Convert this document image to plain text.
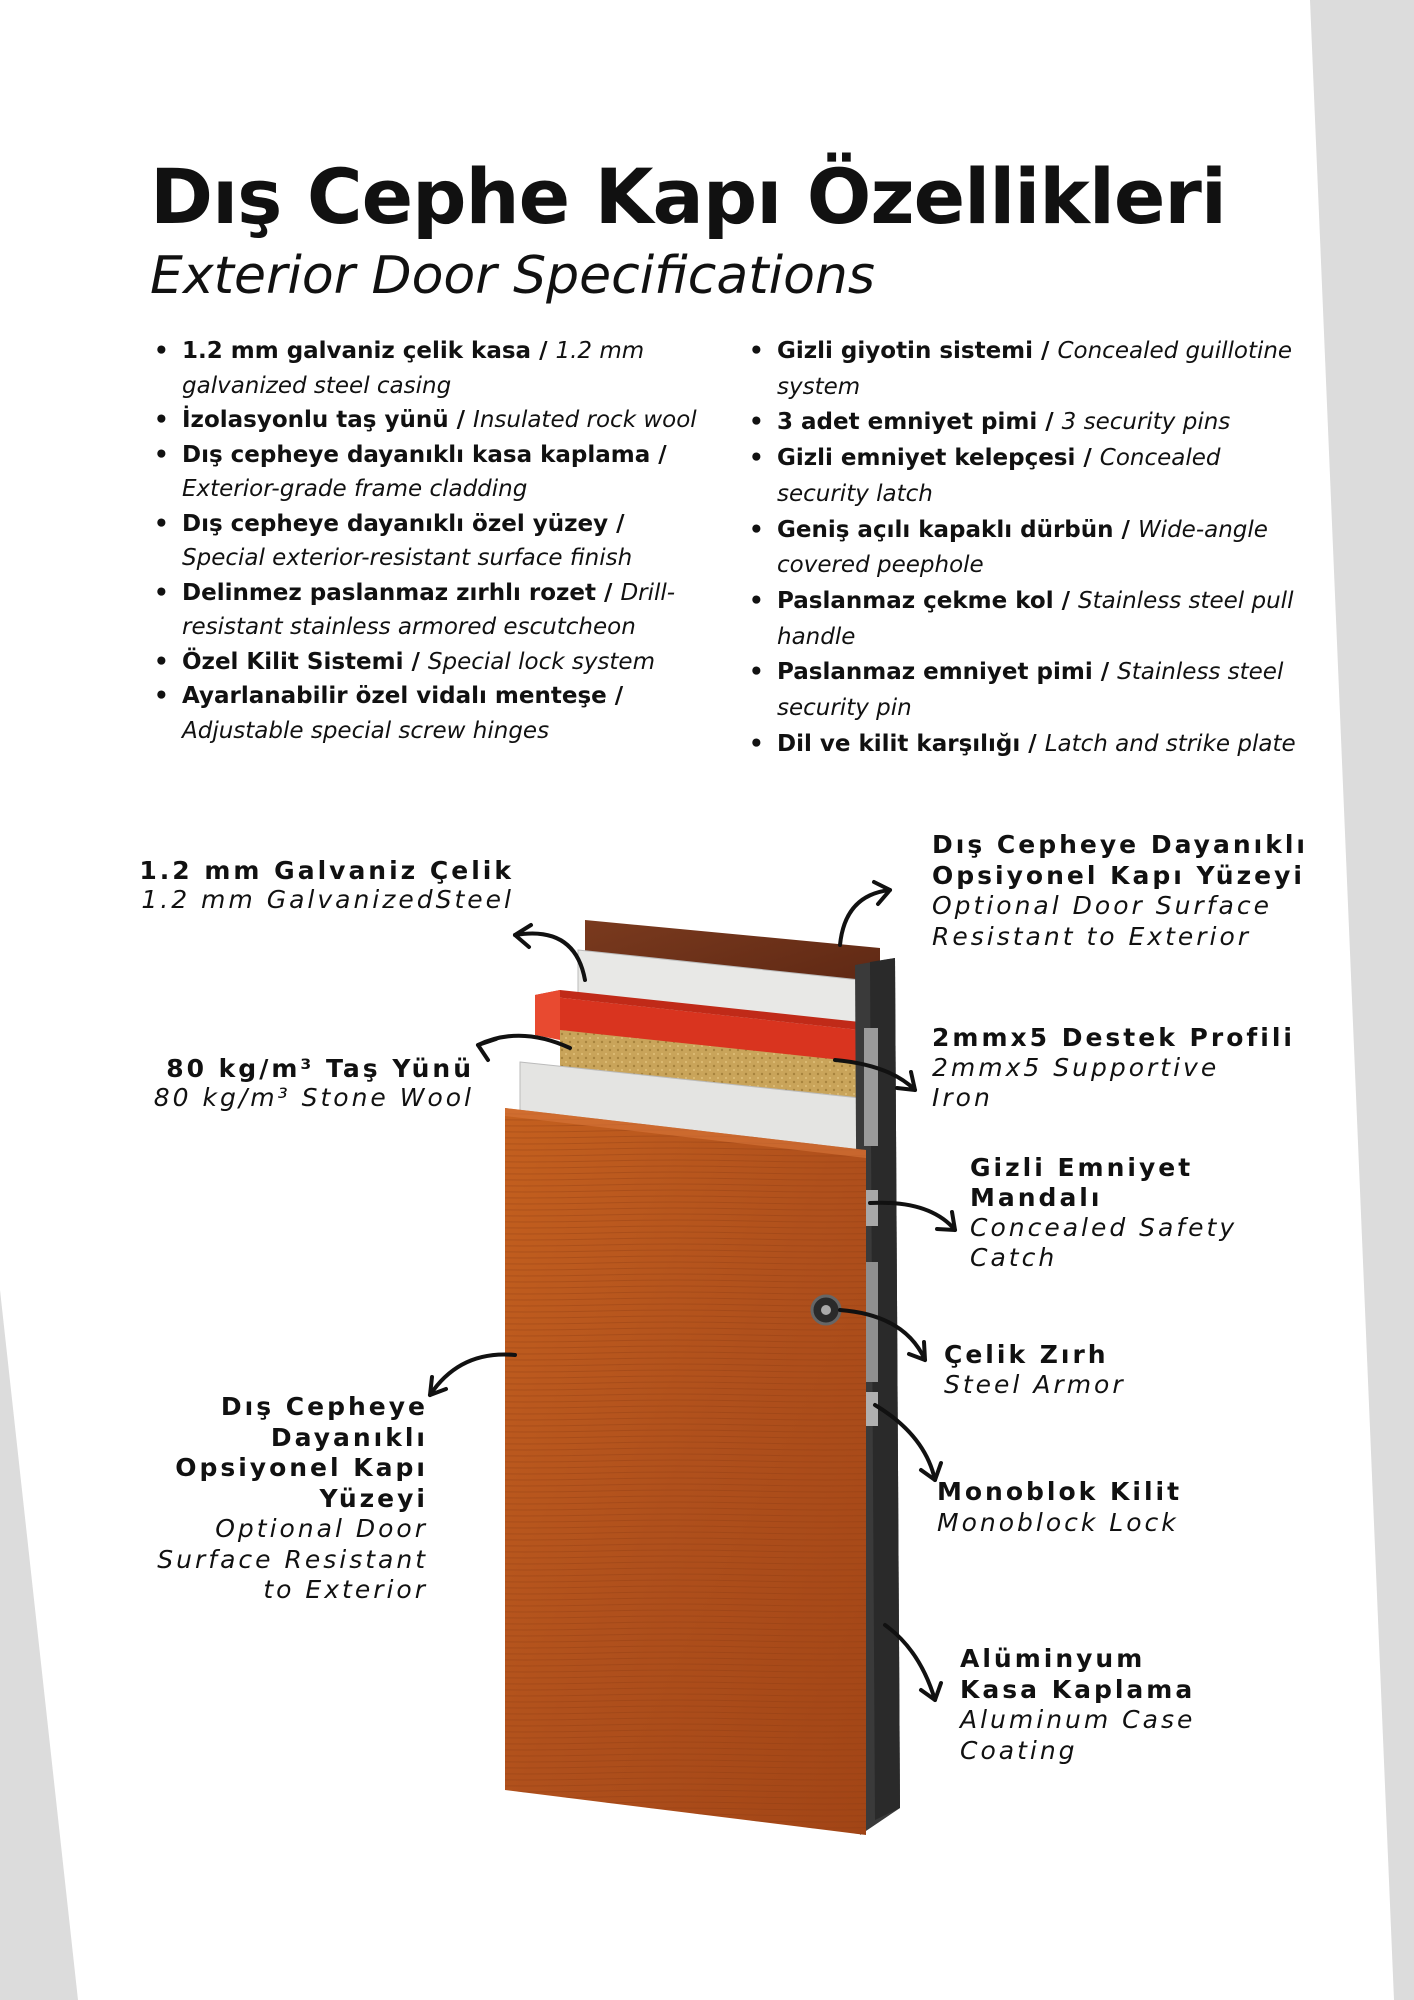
Dış Cephe Kapı Özellikleri
Exterior Door Specifications
• 1.2 mm galvaniz çelik kasa / 1.2 mm galvanized steel casing
• İzolasyonlu taş yünü / Insulated rock wool
• Dış cepheye dayanıklı kasa kaplama / Exterior-grade frame cladding
• Dış cepheye dayanıklı özel yüzey / Special exterior-resistant surface finish
• Delinmez paslanmaz zırhlı rozet / Drill-resistant stainless armored escutcheon
• Özel Kilit Sistemi / Special lock system
• Ayarlanabilir özel vidalı menteşe / Adjustable special screw hinges
• Gizli giyotin sistemi / Concealed guillotine system
• 3 adet emniyet pimi / 3 security pins
• Gizli emniyet kelepçesi / Concealed security latch
• Geniş açılı kapaklı dürbün / Wide-angle covered peephole
• Paslanmaz çekme kol / Stainless steel pull handle
• Paslanmaz emniyet pimi / Stainless steel security pin
• Dil ve kilit karşılığı / Latch and strike plate
1.2 mm Galvaniz Çelik
1.2 mm GalvanizedSteel
80 kg/m³ Taş Yünü
80 kg/m³ Stone Wool
Dış Cepheye
Dayanıklı
Opsiyonel Kapı
Yüzeyi
Optional Door
Surface Resistant
to Exterior
Dış Cepheye Dayanıklı
Opsiyonel Kapı Yüzeyi
Optional Door Surface
Resistant to Exterior
2mmx5 Destek Profili
2mmx5 Supportive
Iron
Gizli Emniyet
Mandalı
Concealed Safety
Catch
Çelik Zırh
Steel Armor
Monoblok Kilit
Monoblock Lock
Alüminyum
Kasa Kaplama
Aluminum Case
Coating
